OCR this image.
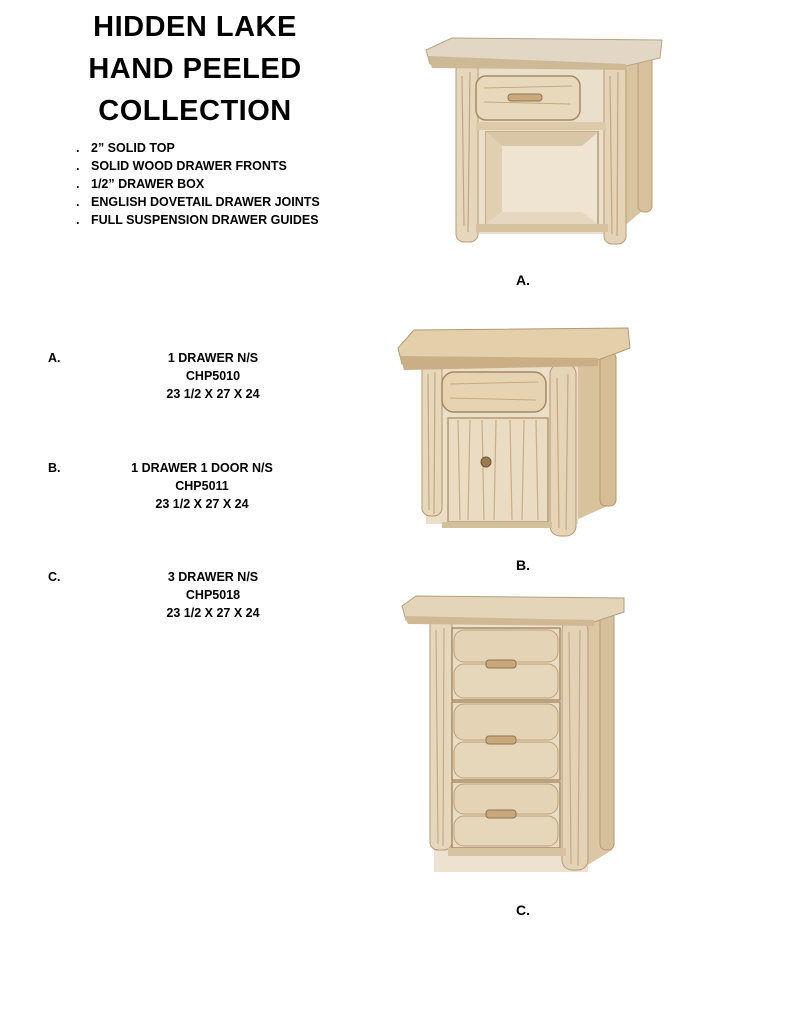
HIDDEN LAKE
HAND PEELED
COLLECTION
. 2” SOLID TOP
. SOLID WOOD DRAWER FRONTS
. 1/2” DRAWER BOX
. ENGLISH DOVETAIL DRAWER JOINTS
. FULL SUSPENSION DRAWER GUIDES
A.	1 DRAWER N/S
CHP5010
23 1/2 X 27 X 24
B.	1 DRAWER 1 DOOR N/S
CHP5011
23 1/2 X 27 X 24
C.	3 DRAWER N/S
CHP5018
23 1/2 X 27 X 24
A.
B.
C.
